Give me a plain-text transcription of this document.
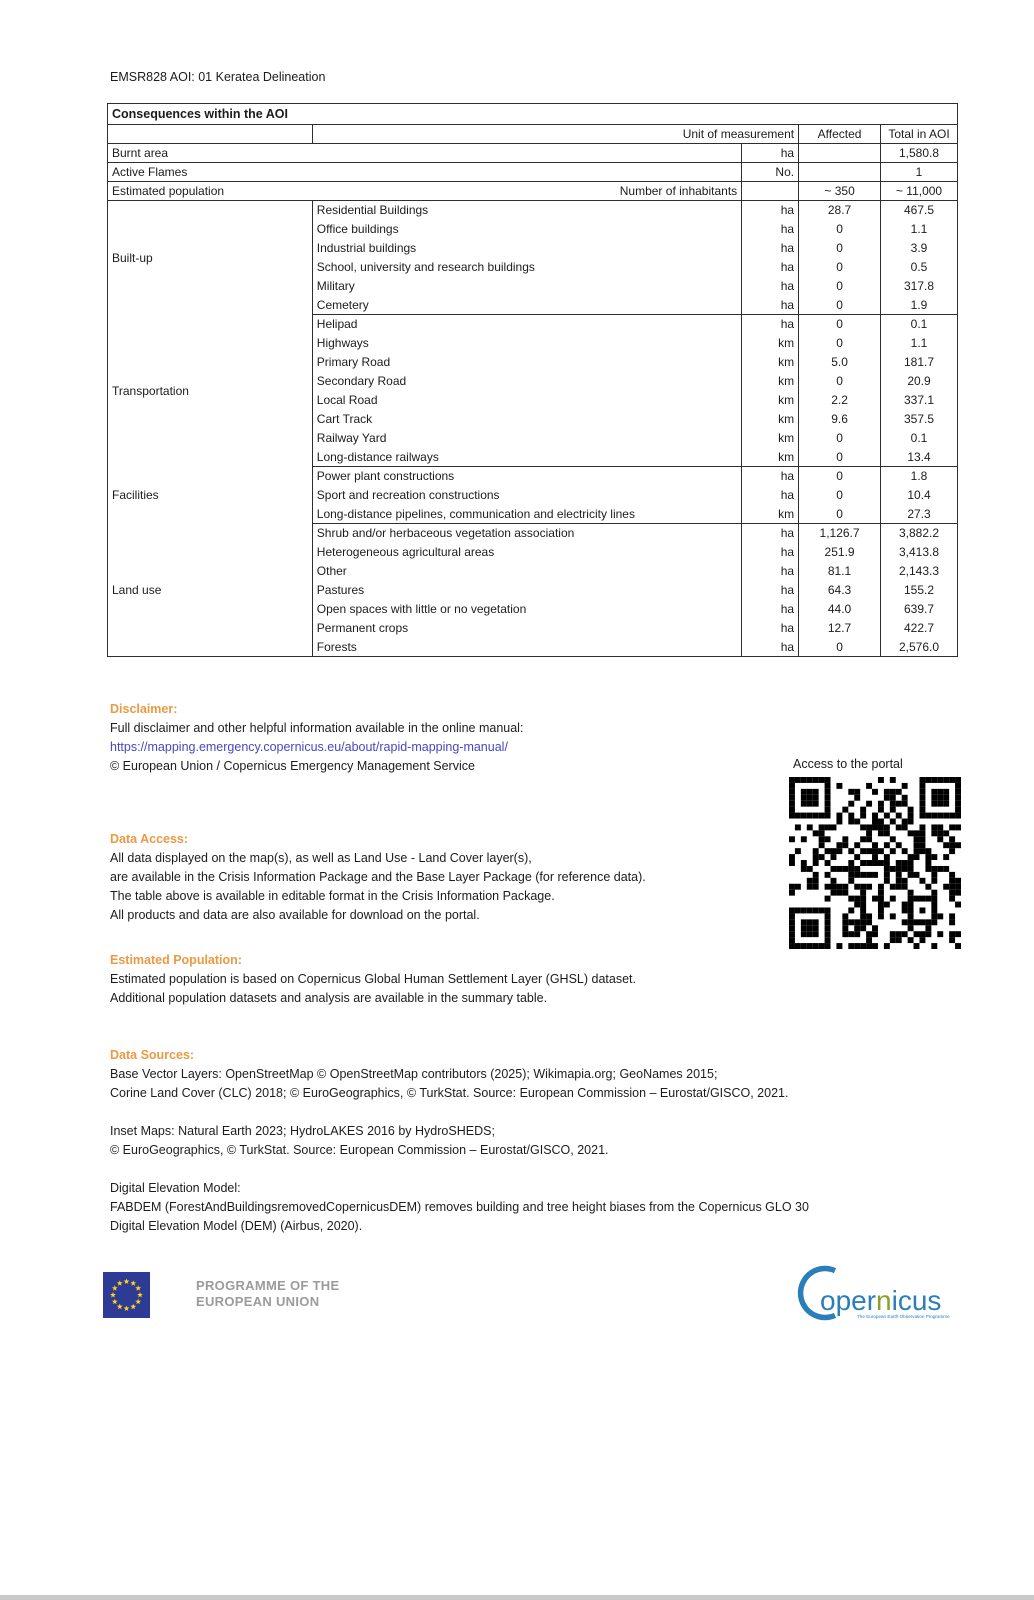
EMSR828 AOI: 01 Keratea Delineation
Consequences within the AOI				
	Unit of measurement		Affected	Total in AOI
Burnt area		ha		1,580.8
Active Flames		No.		1
Estimated population	Number of inhabitants		~ 350	~ 11,000
Built-up	Residential Buildings	ha	28.7	467.5
	Office buildings	ha	0	1.1
	Industrial buildings	ha	0	3.9
	School, university and research buildings	ha	0	0.5
	Military	ha	0	317.8
	Cemetery	ha	0	1.9
Transportation	Helipad	ha	0	0.1
	Highways	km	0	1.1
	Primary Road	km	5.0	181.7
	Secondary Road	km	0	20.9
	Local Road	km	2.2	337.1
	Cart Track	km	9.6	357.5
	Railway Yard	km	0	0.1
	Long-distance railways	km	0	13.4
Facilities	Power plant constructions	ha	0	1.8
	Sport and recreation constructions	ha	0	10.4
	Long-distance pipelines, communication and electricity lines	km	0	27.3
Land use	Shrub and/or herbaceous vegetation association	ha	1,126.7	3,882.2
	Heterogeneous agricultural areas	ha	251.9	3,413.8
	Other	ha	81.1	2,143.3
	Pastures	ha	64.3	155.2
	Open spaces with little or no vegetation	ha	44.0	639.7
	Permanent crops	ha	12.7	422.7
	Forests	ha	0	2,576.0
Disclaimer:
Full disclaimer and other helpful information available in the online manual:
https://mapping.emergency.copernicus.eu/about/rapid-mapping-manual/
© European Union / Copernicus Emergency Management Service	Access to the portal
Data Access:
All data displayed on the map(s), as well as Land Use - Land Cover layer(s),
are available in the Crisis Information Package and the Base Layer Package (for reference data).
The table above is available in editable format in the Crisis Information Package.
All products and data are also available for download on the portal.
Estimated Population:
Estimated population is based on Copernicus Global Human Settlement Layer (GHSL) dataset.
Additional population datasets and analysis are available in the summary table.
Data Sources:
Base Vector Layers: OpenStreetMap © OpenStreetMap contributors (2025); Wikimapia.org; GeoNames 2015;
Corine Land Cover (CLC) 2018; © EuroGeographics, © TurkStat. Source: European Commission – Eurostat/GISCO, 2021.
Inset Maps: Natural Earth 2023; HydroLAKES 2016 by HydroSHEDS;
© EuroGeographics, © TurkStat. Source: European Commission – Eurostat/GISCO, 2021.
Digital Elevation Model:
FABDEM (ForestAndBuildingsremovedCopernicusDEM) removes building and tree height biases from the Copernicus GLO 30
Digital Elevation Model (DEM) (Airbus, 2020).
PROGRAMME OF THE
EUROPEAN UNION	opernicus
The European Earth Observation Programme
